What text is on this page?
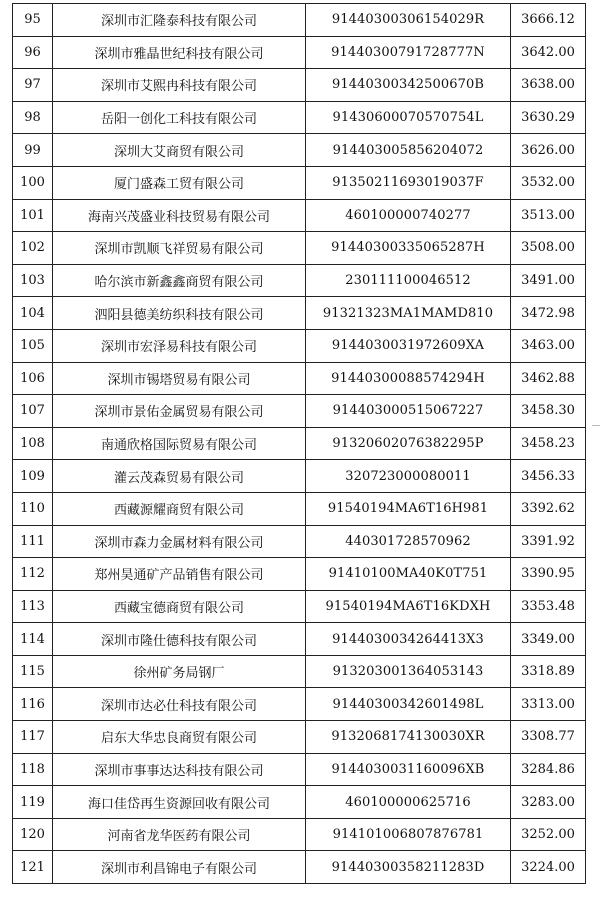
95	深圳市汇隆泰科技有限公司	91440300306154029R	3666.12
96	深圳市雅晶世纪科技有限公司	91440300791728777N	3642.00
97	深圳市艾熙冉科技有限公司	91440300342500670B	3638.00
98	岳阳一创化工科技有限公司	91430600070570754L	3630.29
99	深圳大艾商贸有限公司	914403005856204072	3626.00
100	厦门盛森工贸有限公司	91350211693019037F	3532.00
101	海南兴茂盛业科技贸易有限公司	460100000740277	3513.00
102	深圳市凯顺飞祥贸易有限公司	91440300335065287H	3508.00
103	哈尔滨市新鑫鑫商贸有限公司	230111100046512	3491.00
104	泗阳县德美纺织科技有限公司	91321323MA1MAMD810	3472.98
105	深圳市宏泽易科技有限公司	9144030031972609XA	3463.00
106	深圳市锡塔贸易有限公司	91440300088574294H	3462.88
107	深圳市景佑金属贸易有限公司	914403000515067227	3458.30
108	南通欣格国际贸易有限公司	91320602076382295P	3458.23
109	灌云茂森贸易有限公司	320723000080011	3456.33
110	西藏源耀商贸有限公司	91540194MA6T16H981	3392.62
111	深圳市森力金属材料有限公司	440301728570962	3391.92
112	郑州昊通矿产品销售有限公司	91410100MA40K0T751	3390.95
113	西藏宝德商贸有限公司	91540194MA6T16KDXH	3353.48
114	深圳市隆仕德科技有限公司	9144030034264413X3	3349.00
115	徐州矿务局钢厂	913203001364053143	3318.89
116	深圳市达必仕科技有限公司	91440300342601498L	3313.00
117	启东大华忠良商贸有限公司	9132068174130030XR	3308.77
118	深圳市事事达达科技有限公司	9144030031160096XB	3284.86
119	海口佳岱再生资源回收有限公司	460100000625716	3283.00
120	河南省龙华医药有限公司	914101006807876781	3252.00
121	深圳市利昌锦电子有限公司	91440300358211283D	3224.00
